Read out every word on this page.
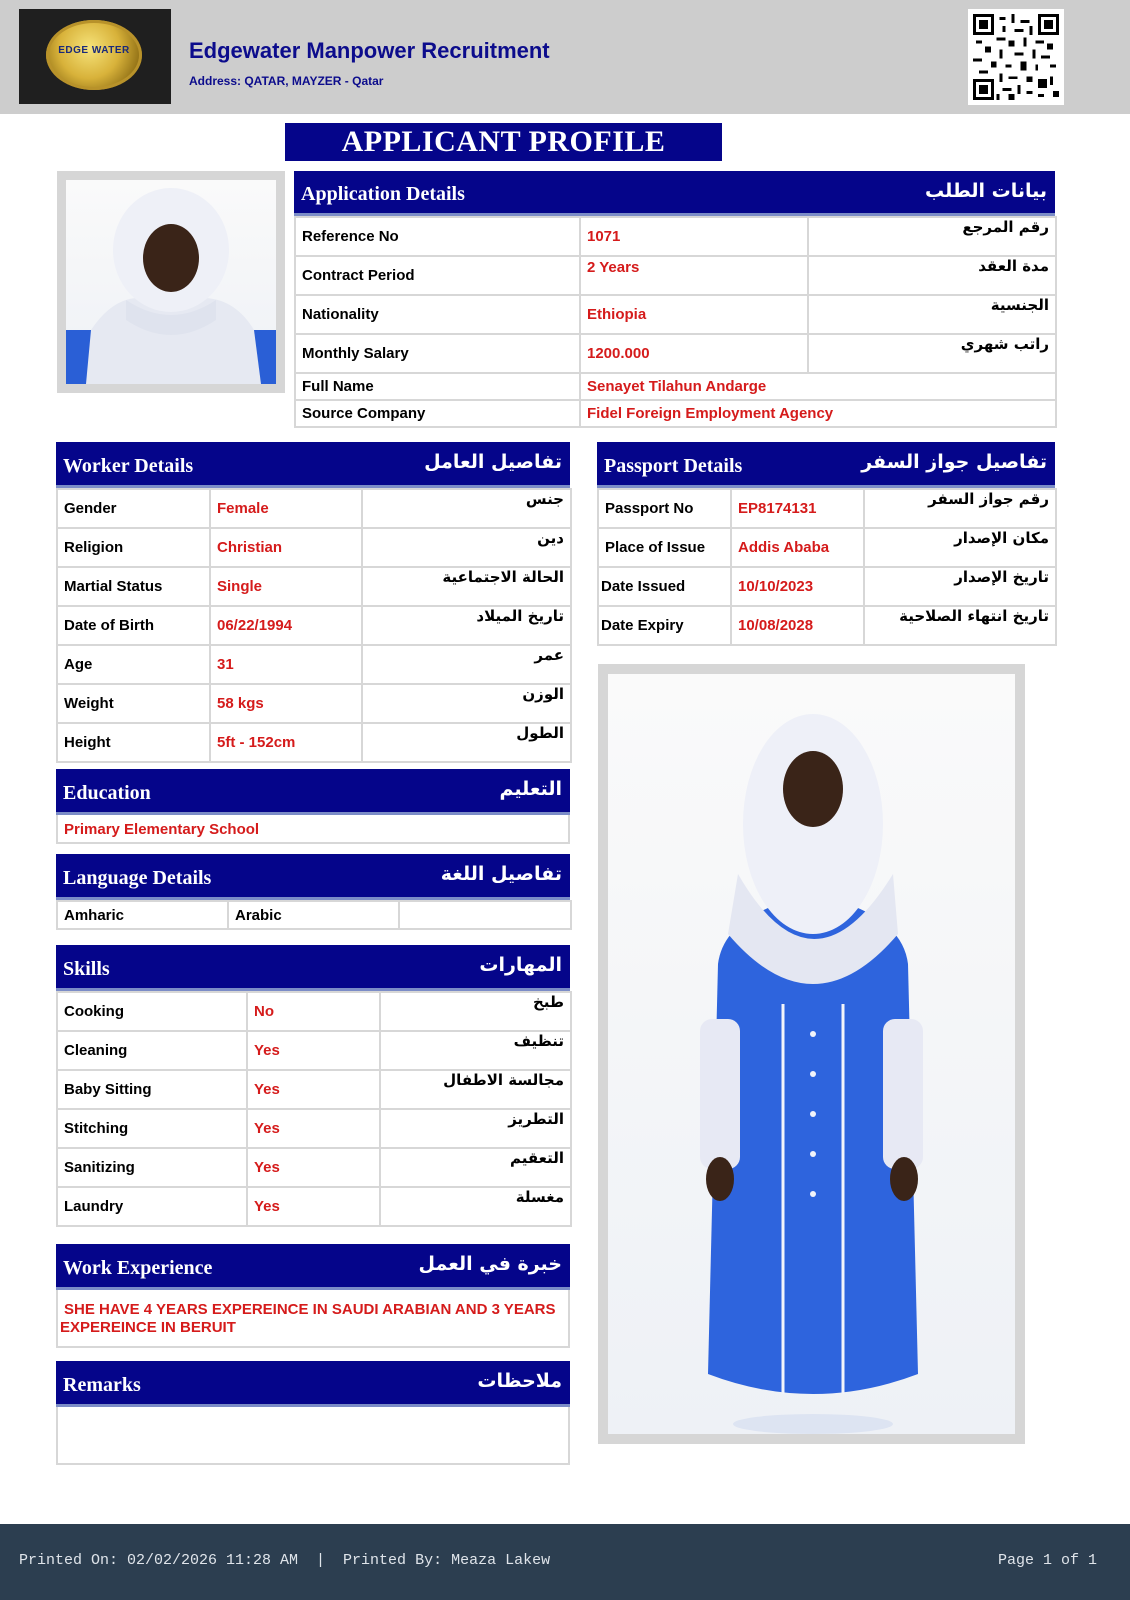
EDGE WATER	Edgewater Manpower Recruitment
Address: QATAR, MAYZER - Qatar
APPLICANT PROFILE
Application Details	بيانات الطلب
Reference No	1071	رقم المرجع
Contract Period	2 Years	مدة العقد
Nationality	Ethiopia	الجنسية
Monthly Salary	1200.000	راتب شهري
Full Name	Senayet Tilahun Andarge	
Source Company	Fidel Foreign Employment Agency	
Worker Details	تفاصيل العامل
Gender	Female	جنس
Religion	Christian	دين
Martial Status	Single	الحالة الاجتماعية
Date of Birth	06/22/1994	تاريخ الميلاد
Age	31	عمر
Weight	58 kgs	الوزن
Height	5ft - 152cm	الطول
Passport Details	تفاصيل جواز السفر
Passport No	EP8174131	رقم جواز السفر
Place of Issue	Addis Ababa	مكان الإصدار
Date Issued	10/10/2023	تاريخ الإصدار
Date Expiry	10/08/2028	تاريخ انتهاء الصلاحية
Education	التعليم
Primary Elementary School
Language Details	تفاصيل اللغة
Amharic	Arabic	
Skills	المهارات
Cooking	No	طبخ
Cleaning	Yes	تنظيف
Baby Sitting	Yes	مجالسة الاطفال
Stitching	Yes	التطريز
Sanitizing	Yes	التعقيم
Laundry	Yes	مغسلة
Work Experience	خبرة في العمل
SHE HAVE 4 YEARS EXPEREINCE IN SAUDI ARABIAN AND 3 YEARS
EXPEREINCE IN BERUIT
Remarks	ملاحظات
Printed On: 02/02/2026 11:28 AM  |  Printed By: Meaza Lakew	Page 1 of 1
